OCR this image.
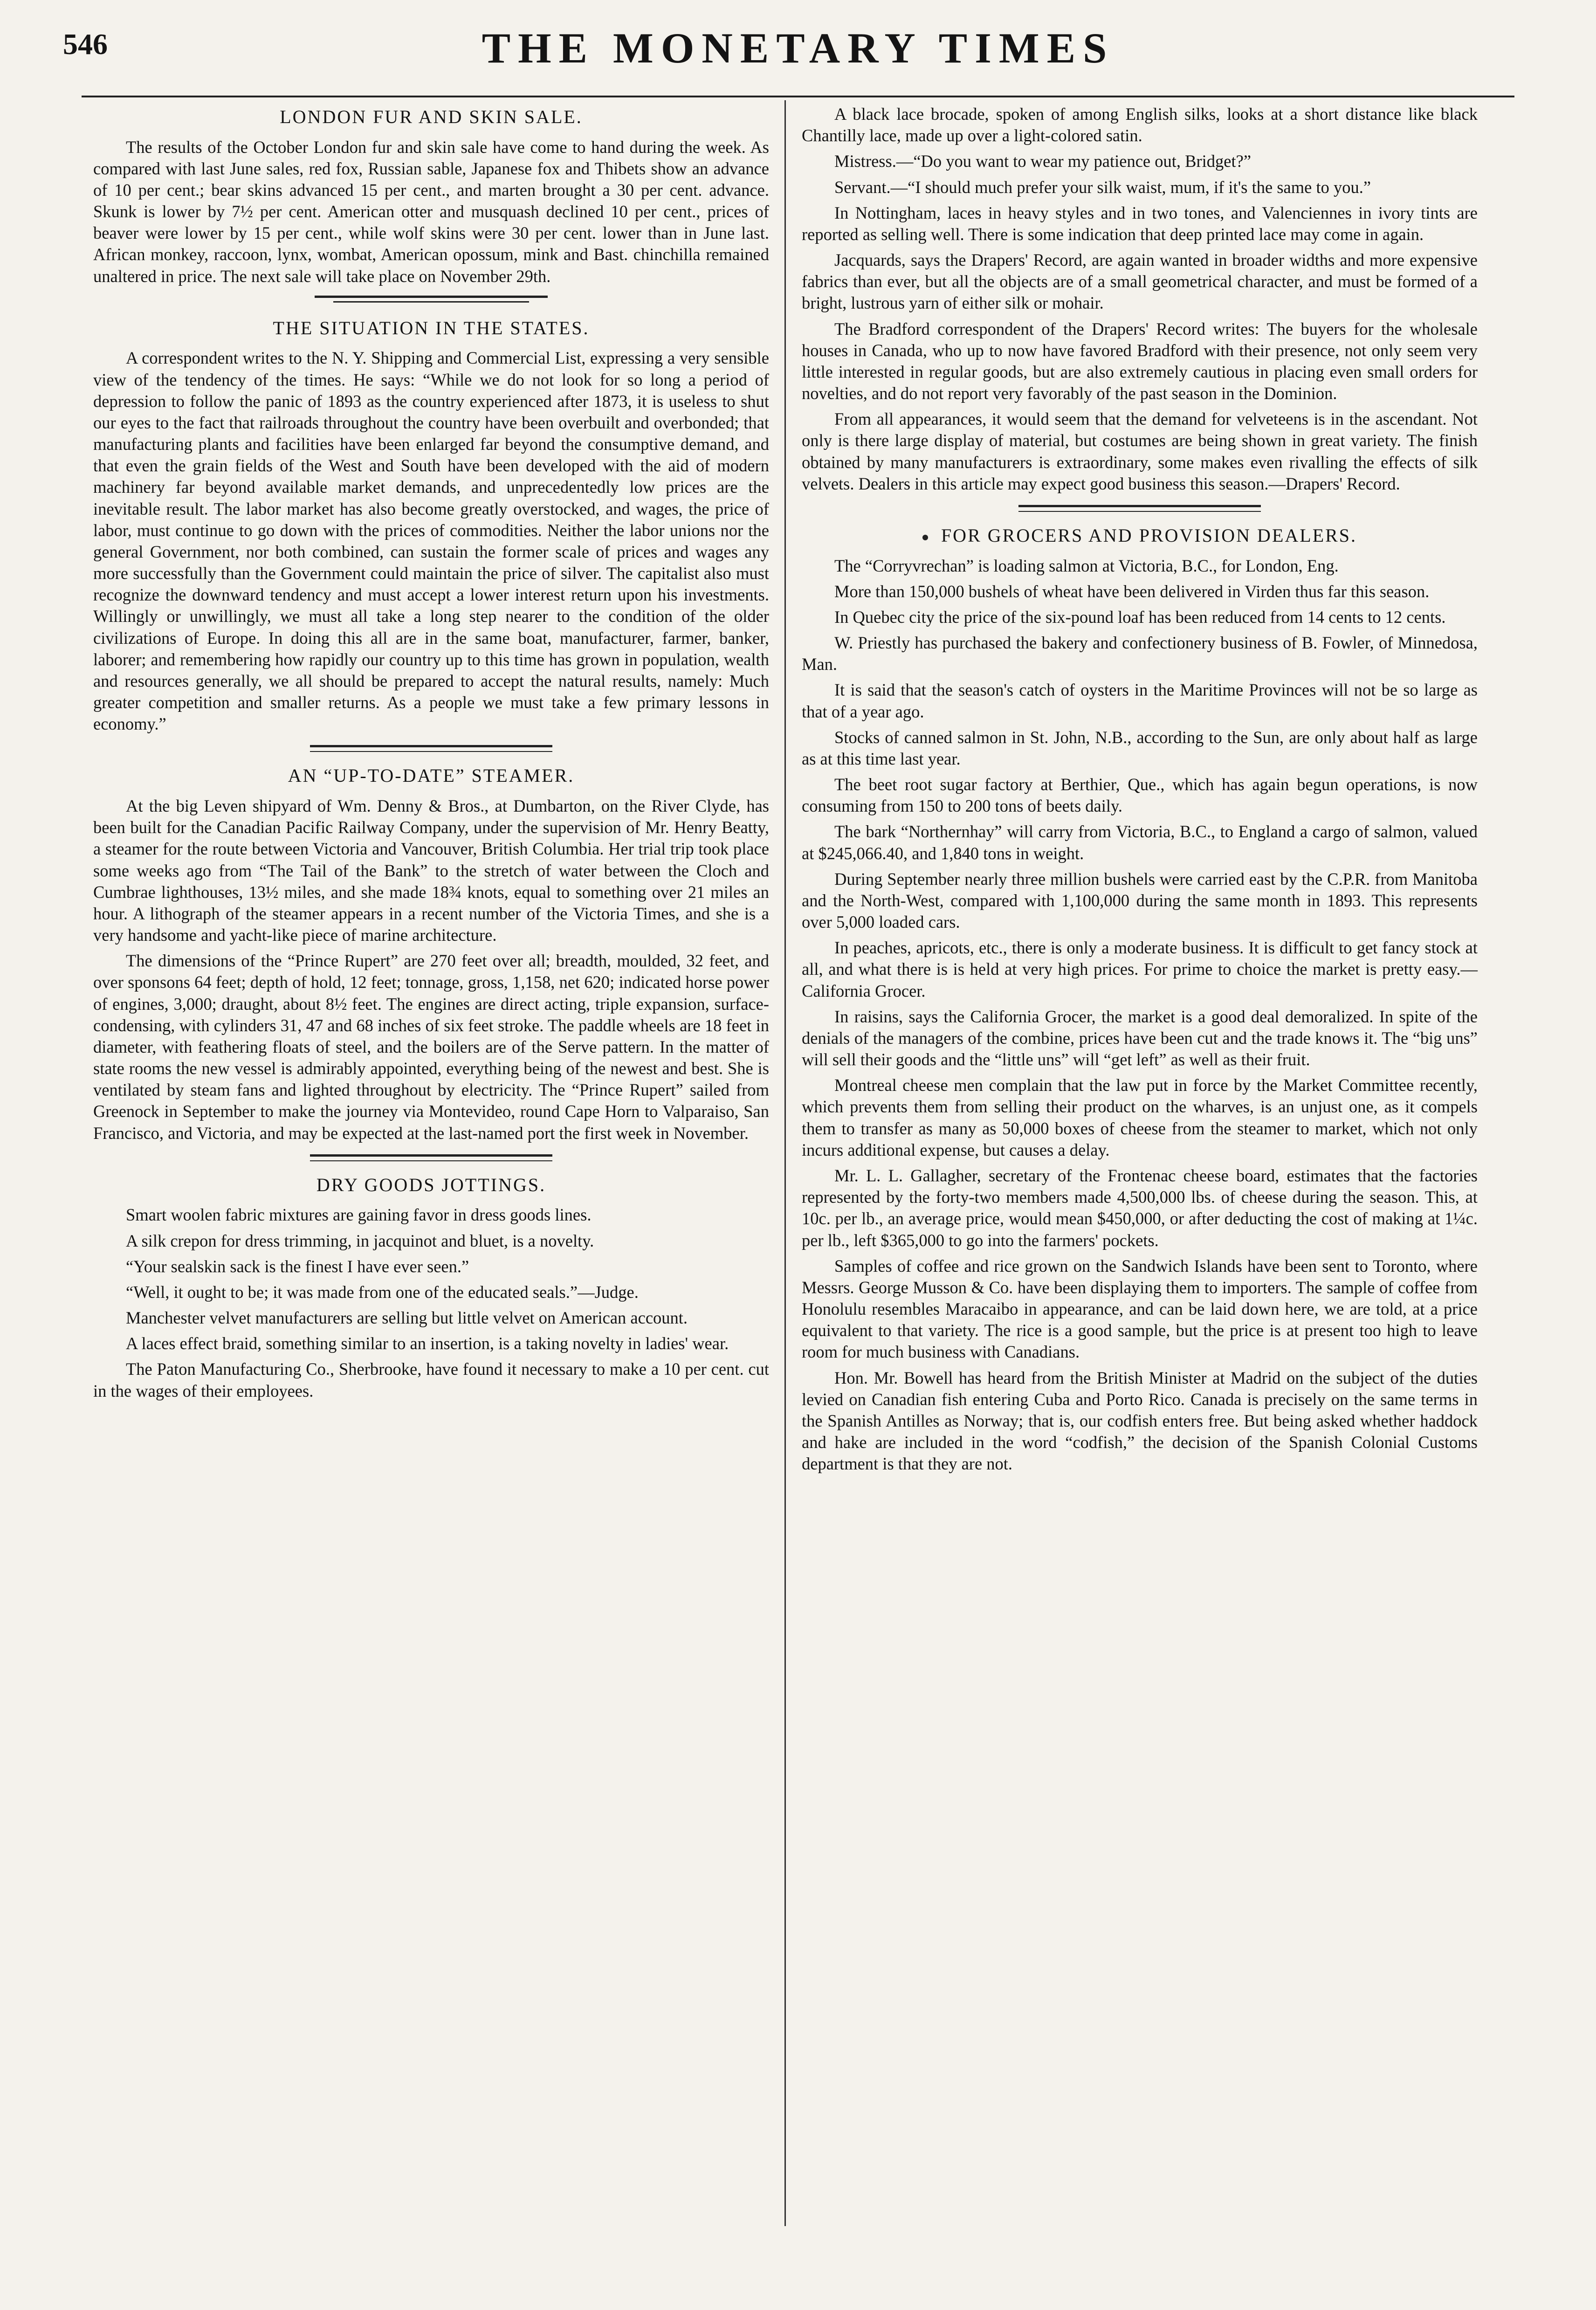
546	THE MONETARY TIMES
LONDON FUR AND SKIN SALE.

The results of the October London fur and skin sale have come to hand during the week. As compared with last June sales, red fox, Russian sable, Japanese fox and Thibets show an advance of 10 per cent.; bear skins advanced 15 per cent., and marten brought a 30 per cent. advance. Skunk is lower by 7½ per cent. American otter and musquash declined 10 per cent., prices of beaver were lower by 15 per cent., while wolf skins were 30 per cent. lower than in June last. African monkey, raccoon, lynx, wombat, American opossum, mink and Bast. chinchilla remained unaltered in price. The next sale will take place on November 29th.

THE SITUATION IN THE STATES.

A correspondent writes to the N. Y. Shipping and Commercial List, expressing a very sensible view of the tendency of the times. He says: “While we do not look for so long a period of depression to follow the panic of 1893 as the country experienced after 1873, it is useless to shut our eyes to the fact that railroads throughout the country have been overbuilt and overbonded; that manufacturing plants and facilities have been enlarged far beyond the consumptive demand, and that even the grain fields of the West and South have been developed with the aid of modern machinery far beyond available market demands, and unprecedentedly low prices are the inevitable result. The labor market has also become greatly overstocked, and wages, the price of labor, must continue to go down with the prices of commodities. Neither the labor unions nor the general Government, nor both combined, can sustain the former scale of prices and wages any more successfully than the Government could maintain the price of silver. The capitalist also must recognize the downward tendency and must accept a lower interest return upon his investments. Willingly or unwillingly, we must all take a long step nearer to the condition of the older civilizations of Europe. In doing this all are in the same boat, manufacturer, farmer, banker, laborer; and remembering how rapidly our country up to this time has grown in population, wealth and resources generally, we all should be prepared to accept the natural results, namely: Much greater competition and smaller returns. As a people we must take a few primary lessons in economy.”

AN “UP-TO-DATE” STEAMER.

At the big Leven shipyard of Wm. Denny & Bros., at Dumbarton, on the River Clyde, has been built for the Canadian Pacific Railway Company, under the supervision of Mr. Henry Beatty, a steamer for the route between Victoria and Vancouver, British Columbia. Her trial trip took place some weeks ago from “The Tail of the Bank” to the stretch of water between the Cloch and Cumbrae lighthouses, 13½ miles, and she made 18¾ knots, equal to something over 21 miles an hour. A lithograph of the steamer appears in a recent number of the Victoria Times, and she is a very handsome and yacht-like piece of marine architecture.

The dimensions of the “Prince Rupert” are 270 feet over all; breadth, moulded, 32 feet, and over sponsons 64 feet; depth of hold, 12 feet; tonnage, gross, 1,158, net 620; indicated horse power of engines, 3,000; draught, about 8½ feet. The engines are direct acting, triple expansion, surface-condensing, with cylinders 31, 47 and 68 inches of six feet stroke. The paddle wheels are 18 feet in diameter, with feathering floats of steel, and the boilers are of the Serve pattern. In the matter of state rooms the new vessel is admirably appointed, everything being of the newest and best. She is ventilated by steam fans and lighted throughout by electricity. The “Prince Rupert” sailed from Greenock in September to make the journey via Montevideo, round Cape Horn to Valparaiso, San Francisco, and Victoria, and may be expected at the last-named port the first week in November.

DRY GOODS JOTTINGS.

Smart woolen fabric mixtures are gaining favor in dress goods lines.

A silk crepon for dress trimming, in jacquinot and bluet, is a novelty.

“Your sealskin sack is the finest I have ever seen.”

“Well, it ought to be; it was made from one of the educated seals.”—Judge.

Manchester velvet manufacturers are selling but little velvet on American account.

A laces effect braid, something similar to an insertion, is a taking novelty in ladies' wear.

The Paton Manufacturing Co., Sherbrooke, have found it necessary to make a 10 per cent. cut in the wages of their employees.

A black lace brocade, spoken of among English silks, looks at a short distance like black Chantilly lace, made up over a light-colored satin.

Mistress.—“Do you want to wear my patience out, Bridget?”

Servant.—“I should much prefer your silk waist, mum, if it's the same to you.”

In Nottingham, laces in heavy styles and in two tones, and Valenciennes in ivory tints are reported as selling well. There is some indication that deep printed lace may come in again.

Jacquards, says the Drapers' Record, are again wanted in broader widths and more expensive fabrics than ever, but all the objects are of a small geometrical character, and must be formed of a bright, lustrous yarn of either silk or mohair.

The Bradford correspondent of the Drapers' Record writes: The buyers for the wholesale houses in Canada, who up to now have favored Bradford with their presence, not only seem very little interested in regular goods, but are also extremely cautious in placing even small orders for novelties, and do not report very favorably of the past season in the Dominion.

From all appearances, it would seem that the demand for velveteens is in the ascendant. Not only is there large display of material, but costumes are being shown in great variety. The finish obtained by many manufacturers is extraordinary, some makes even rivalling the effects of silk velvets. Dealers in this article may expect good business this season.—Drapers' Record.

FOR GROCERS AND PROVISION DEALERS.

The “Corryvrechan” is loading salmon at Victoria, B.C., for London, Eng.

More than 150,000 bushels of wheat have been delivered in Virden thus far this season.

In Quebec city the price of the six-pound loaf has been reduced from 14 cents to 12 cents.

W. Priestly has purchased the bakery and confectionery business of B. Fowler, of Minnedosa, Man.

It is said that the season's catch of oysters in the Maritime Provinces will not be so large as that of a year ago.

Stocks of canned salmon in St. John, N.B., according to the Sun, are only about half as large as at this time last year.

The beet root sugar factory at Berthier, Que., which has again begun operations, is now consuming from 150 to 200 tons of beets daily.

The bark “Northernhay” will carry from Victoria, B.C., to England a cargo of salmon, valued at $245,066.40, and 1,840 tons in weight.

During September nearly three million bushels were carried east by the C.P.R. from Manitoba and the North-West, compared with 1,100,000 during the same month in 1893. This represents over 5,000 loaded cars.

In peaches, apricots, etc., there is only a moderate business. It is difficult to get fancy stock at all, and what there is is held at very high prices. For prime to choice the market is pretty easy.—California Grocer.

In raisins, says the California Grocer, the market is a good deal demoralized. In spite of the denials of the managers of the combine, prices have been cut and the trade knows it. The “big uns” will sell their goods and the “little uns” will “get left” as well as their fruit.

Montreal cheese men complain that the law put in force by the Market Committee recently, which prevents them from selling their product on the wharves, is an unjust one, as it compels them to transfer as many as 50,000 boxes of cheese from the steamer to market, which not only incurs additional expense, but causes a delay.

Mr. L. L. Gallagher, secretary of the Frontenac cheese board, estimates that the factories represented by the forty-two members made 4,500,000 lbs. of cheese during the season. This, at 10c. per lb., an average price, would mean $450,000, or after deducting the cost of making at 1¼c. per lb., left $365,000 to go into the farmers' pockets.

Samples of coffee and rice grown on the Sandwich Islands have been sent to Toronto, where Messrs. George Musson & Co. have been displaying them to importers. The sample of coffee from Honolulu resembles Maracaibo in appearance, and can be laid down here, we are told, at a price equivalent to that variety. The rice is a good sample, but the price is at present too high to leave room for much business with Canadians.

Hon. Mr. Bowell has heard from the British Minister at Madrid on the subject of the duties levied on Canadian fish entering Cuba and Porto Rico. Canada is precisely on the same terms in the Spanish Antilles as Norway; that is, our codfish enters free. But being asked whether haddock and hake are included in the word “codfish,” the decision of the Spanish Colonial Customs department is that they are not.
